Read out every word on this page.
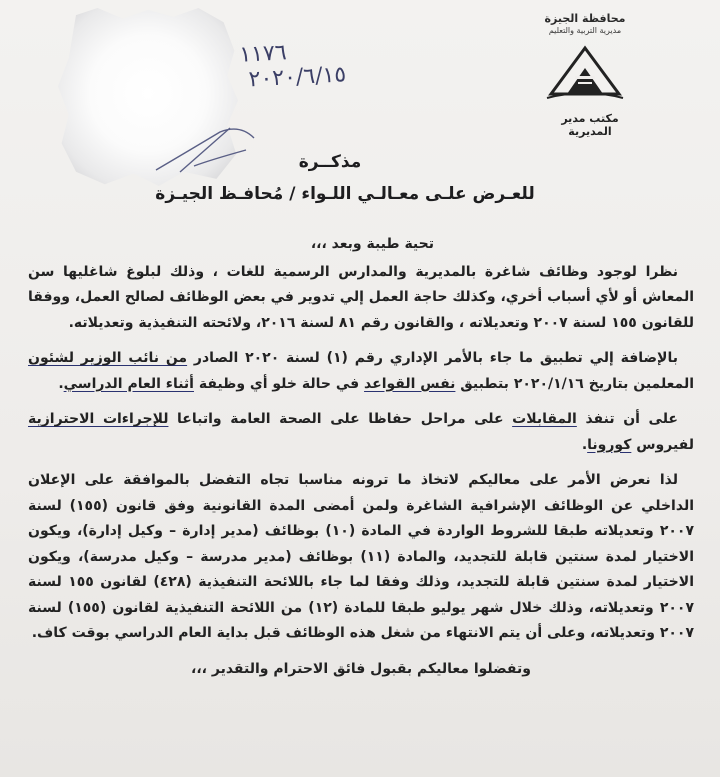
محافظة الجيزة
مديرية التربية والتعليم
مكتب مدير المديرية
١١٧٦
٢٠٢٠/٦/١٥
مذكــرة
للعـرض علـى معـالـي اللـواء / مُحافـظ الجيـزة
تحية طيبة وبعد ،،،

نظرا لوجود وظائف شاغرة بالمديرية والمدارس الرسمية للغات ، وذلك لبلوغ شاغليها سن المعاش أو لأي أسباب أخري، وكذلك حاجة العمل إلي تدوير في بعض الوظائف لصالح العمل، ووفقا للقانون ١٥٥ لسنة ٢٠٠٧ وتعديلاته ، والقانون رقم ٨١ لسنة ٢٠١٦، ولائحته التنفيذية وتعديلاته.

بالإضافة إلي تطبيق ما جاء بالأمر الإداري رقم (١) لسنة ٢٠٢٠ الصادر من نائب الوزير لشئون المعلمين بتاريخ ٢٠٢٠/١/١٦ بتطبيق نفس القواعد في حالة خلو أي وظيفة أثناء العام الدراسي.

على أن تنفذ المقابلات على مراحل حفاظا على الصحة العامة واتباعا للإجراءات الاحترازية لفيروس كورونا.

لذا نعرض الأمر على معاليكم لاتخاذ ما ترونه مناسبا تجاه التفضل بالموافقة على الإعلان الداخلي عن الوظائف الإشرافية الشاغرة ولمن أمضى المدة القانونية وفق قانون (١٥٥) لسنة ٢٠٠٧ وتعديلاته طبقا للشروط الواردة في المادة (١٠) بوظائف (مدير إدارة – وكيل إدارة)، ويكون الاختيار لمدة سنتين قابلة للتجديد، والمادة (١١) بوظائف (مدير مدرسة – وكيل مدرسة)، ويكون الاختيار لمدة سنتين قابلة للتجديد، وذلك وفقا لما جاء باللائحة التنفيذية (٤٢٨) لقانون ١٥٥ لسنة ٢٠٠٧ وتعديلاته، وذلك خلال شهر يوليو طبقا للمادة (١٢) من اللائحة التنفيذية لقانون (١٥٥) لسنة ٢٠٠٧ وتعديلاته، وعلى أن يتم الانتهاء من شغل هذه الوظائف قبل بداية العام الدراسي بوقت كاف.

وتفضلوا معاليكم بقبول فائق الاحترام والتقدير ،،،
